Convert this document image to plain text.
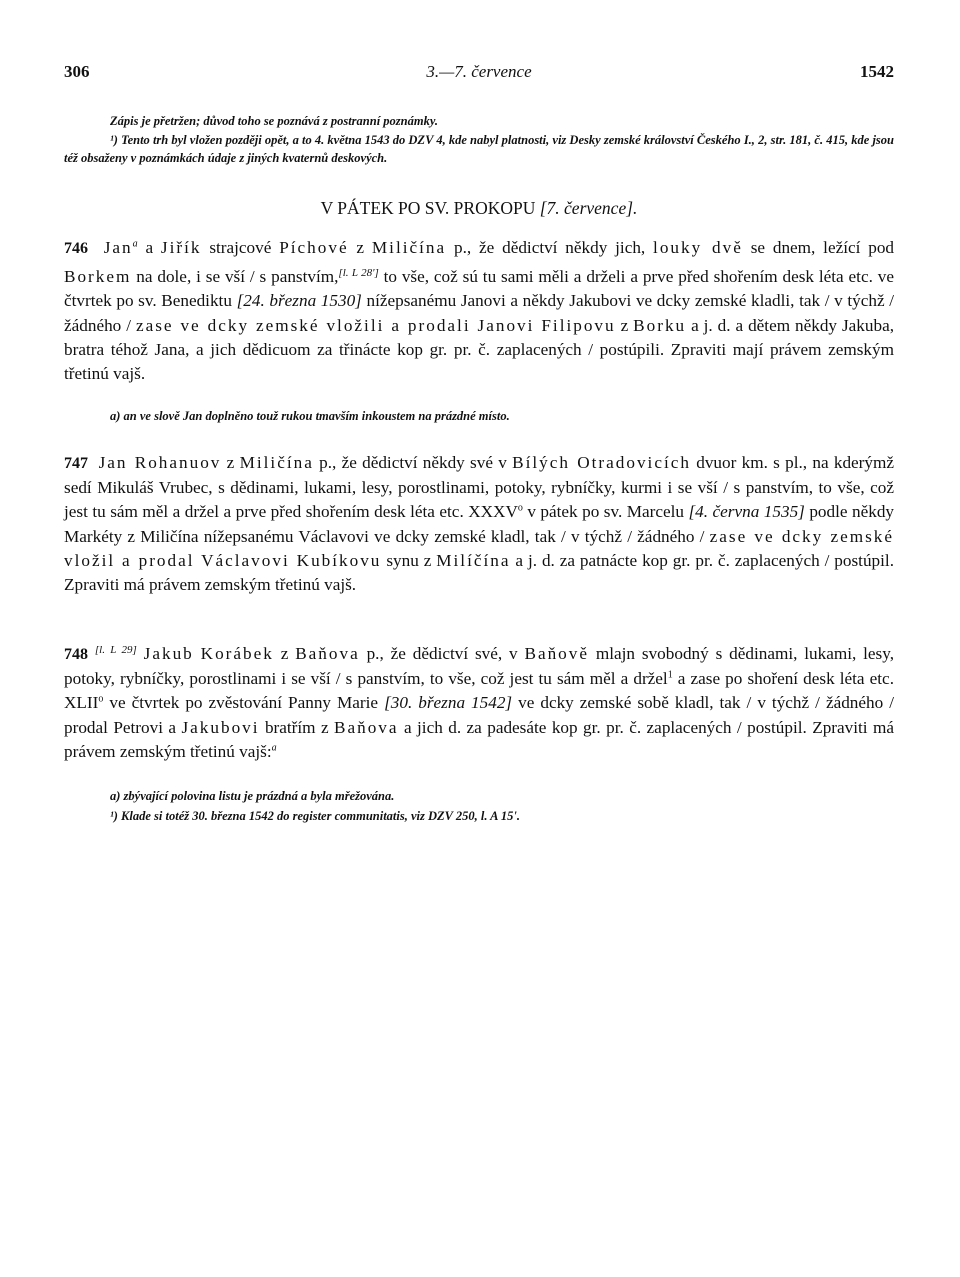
306	3.—7. července	1542

Zápis je přetržen; důvod toho se poznává z postranní poznámky.

¹) Tento trh byl vložen později opět, a to 4. května 1543 do DZV 4, kde nabyl platnosti, viz Desky zemské království Českého I., 2, str. 181, č. 415, kde jsou též obsaženy v poznámkách údaje z jiných kvaternů deskových.

V PÁTEK PO SV. PROKOPU [7. července].

746 Jan$^a$ a Jiřík strajcové Píchové z Miličína p., že dědictví někdy jich, louky dvě se dnem, ležící pod Borkem na dole, i se vší / s panstvím,[l. L 28'] to vše, což sú tu sami měli a drželi a prve před shořením desk léta etc. ve čtvrtek po sv. Benediktu [24. března 1530] nížepsanému Janovi a někdy Jakubovi ve dcky zemské kladli, tak / v týchž / žádného / zase ve dcky zemské vložili a prodali Janovi Filipovu z Borku a j. d. a dětem někdy Jakuba, bratra téhož Jana, a jich dědicuom za třinácte kop gr. pr. č. zaplacených / postúpili. Zpraviti mají právem zemským třetinú vajš.

a) an ve slově Jan doplněno touž rukou tmavším inkoustem na prázdné místo.

747 Jan Rohanuov z Miličína p., že dědictví někdy své v Bílých Otradovicích dvuor km. s pl., na kderýmž sedí Mikuláš Vrubec, s dědinami, lukami, lesy, porostlinami, potoky, rybníčky, kurmi i se vší / s panstvím, to vše, což jest tu sám měl a držel a prve před shořením desk léta etc. XXXV$^o$ v pátek po sv. Marcelu [4. června 1535] podle někdy Markéty z Miličína nížepsanému Václavovi ve dcky zemské kladl, tak / v týchž / žádného / zase ve dcky zemské vložil a prodal Václavovi Kubíkovu synu z Milíčína a j. d. za patnácte kop gr. pr. č. zaplacených / postúpil. Zpraviti má právem zemským třetinú vajš.

748 [l. L 29] Jakub Korábek z Baňova p., že dědictví své, v Baňově mlajn svobodný s dědinami, lukami, lesy, potoky, rybníčky, porostlinami i se vší / s panstvím, to vše, což jest tu sám měl a držel$^1$ a zase po shoření desk léta etc. XLII$^o$ ve čtvrtek po zvěstování Panny Marie [30. března 1542] ve dcky zemské sobě kladl, tak / v týchž / žádného / prodal Petrovi a Jakubovi bratřím z Baňova a jich d. za padesáte kop gr. pr. č. zaplacených / postúpil. Zpraviti má právem zemským třetinú vajš:$^a$

a) zbývající polovina listu je prázdná a byla mřežována.

¹) Klade si totéž 30. března 1542 do register communitatis, viz DZV 250, l. A 15'.
